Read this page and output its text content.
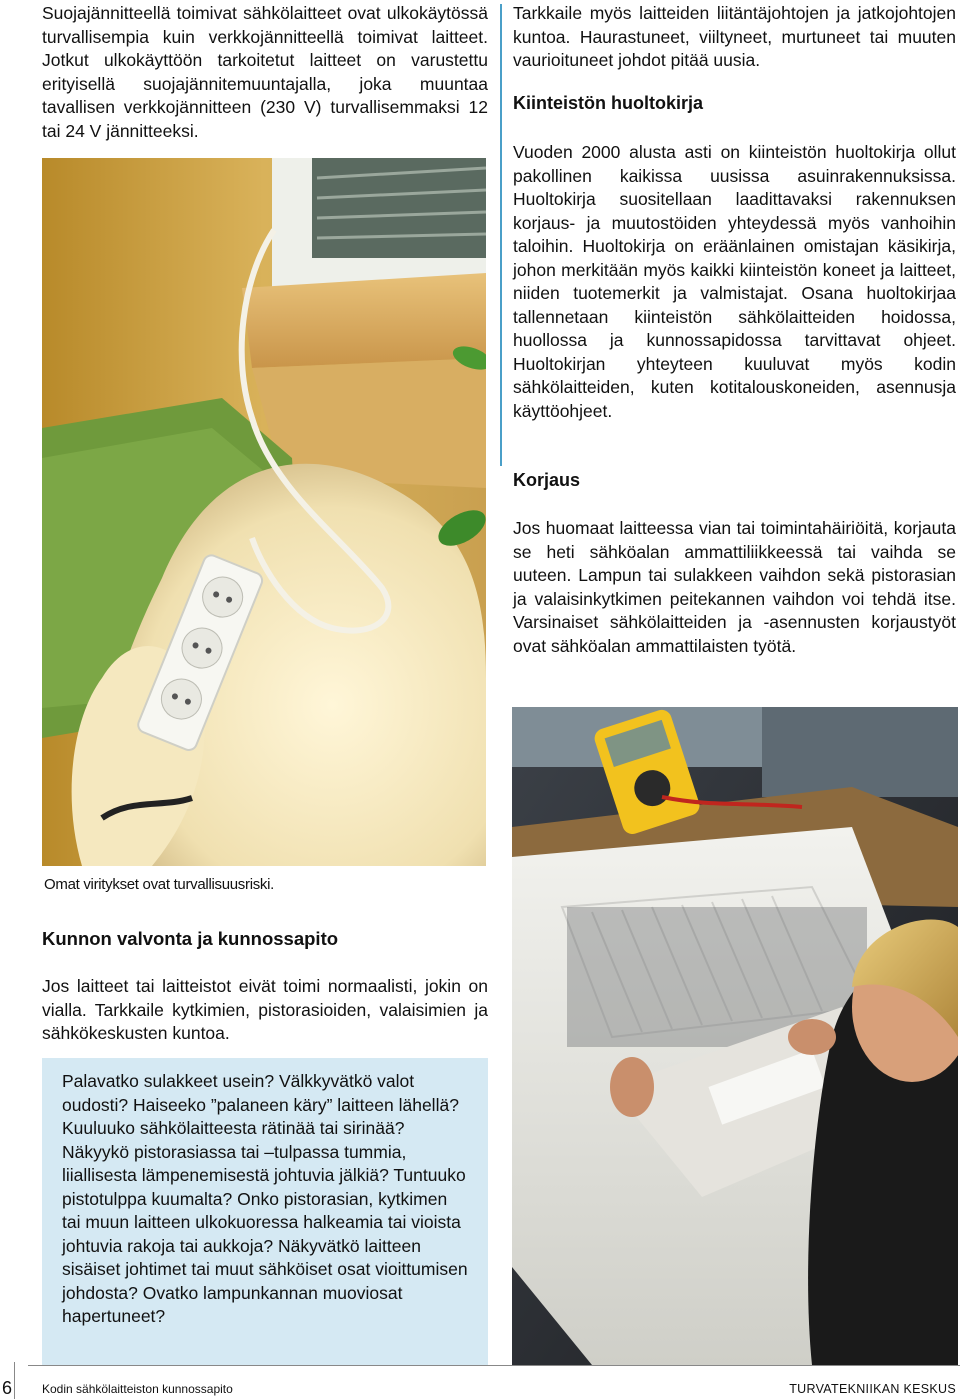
Suojajännitteellä toimivat sähkölaitteet ovat ulkokäytössä turvallisempia kuin verkkojännitteellä toimivat laitteet. Jotkut ulkokäyttöön tarkoitetut laitteet on varustettu erityisellä suojajännitemuuntajalla, joka muuntaa tavallisen verkkojännitteen (230 V) turvallisemmaksi 12 tai 24 V jännitteeksi.

Tarkkaile myös laitteiden liitäntäjohtojen ja jatkojohtojen kuntoa. Haurastuneet, viiltyneet, murtuneet tai muuten vaurioituneet johdot pitää uusia.

Kiinteistön huoltokirja

Vuoden 2000 alusta asti on kiinteistön huoltokirja ollut pakollinen kaikissa uusissa asuinrakennuksissa. Huoltokirja suositellaan laadittavaksi rakennuksen korjaus- ja muutostöiden yhteydessä myös vanhoihin taloihin. Huoltokirja on eräänlainen omistajan käsikirja, johon merkitään myös kaikki kiinteistön koneet ja laitteet, niiden tuotemerkit ja valmistajat. Osana huoltokirjaa tallennetaan kiinteistön sähkölaitteiden hoidossa, huollossa ja kunnossapidossa tarvittavat ohjeet. Huoltokirjan yhteyteen kuuluvat myös kodin sähkölaitteiden, kuten kotitalouskoneiden, asennusja käyttöohjeet.

Korjaus

Jos huomaat laitteessa vian tai toimintahäiriöitä, korjauta se heti sähköalan ammattiliikkeessä tai vaihda se uuteen. Lampun tai sulakkeen vaihdon sekä pistorasian ja valaisinkytkimen peitekannen vaihdon voi tehdä itse. Varsinaiset sähkölaitteiden ja -asennusten korjaustyöt ovat sähköalan ammattilaisten työtä.

Omat viritykset ovat turvallisuusriski.
Kunnon valvonta ja kunnossapito

Jos laitteet tai laitteistot eivät toimi normaalisti, jokin on vialla. Tarkkaile kytkimien, pistorasioiden, valaisimien ja sähkökeskusten kuntoa.

Palavatko sulakkeet usein? Välkkyvätkö valot oudosti? Haiseeko ”palaneen käry” laitteen lähellä? Kuuluuko sähkölaitteesta rätinää tai sirinää? Näkyykö pistorasiassa tai –tulpassa tummia, liiallisesta lämpenemisestä johtuvia jälkiä? Tuntuuko pistotulppa kuumalta? Onko pistorasian, kytkimen tai muun laitteen ulkokuoressa halkeamia tai vioista johtuvia rakoja tai aukkoja? Näkyvätkö laitteen sisäiset johtimet tai muut sähköiset osat vioittumisen johdosta? Ovatko lampunkannan muoviosat hapertuneet?

6 Kodin sähkölaitteiston kunnossapito	TURVATEKNIIKAN KESKUS
